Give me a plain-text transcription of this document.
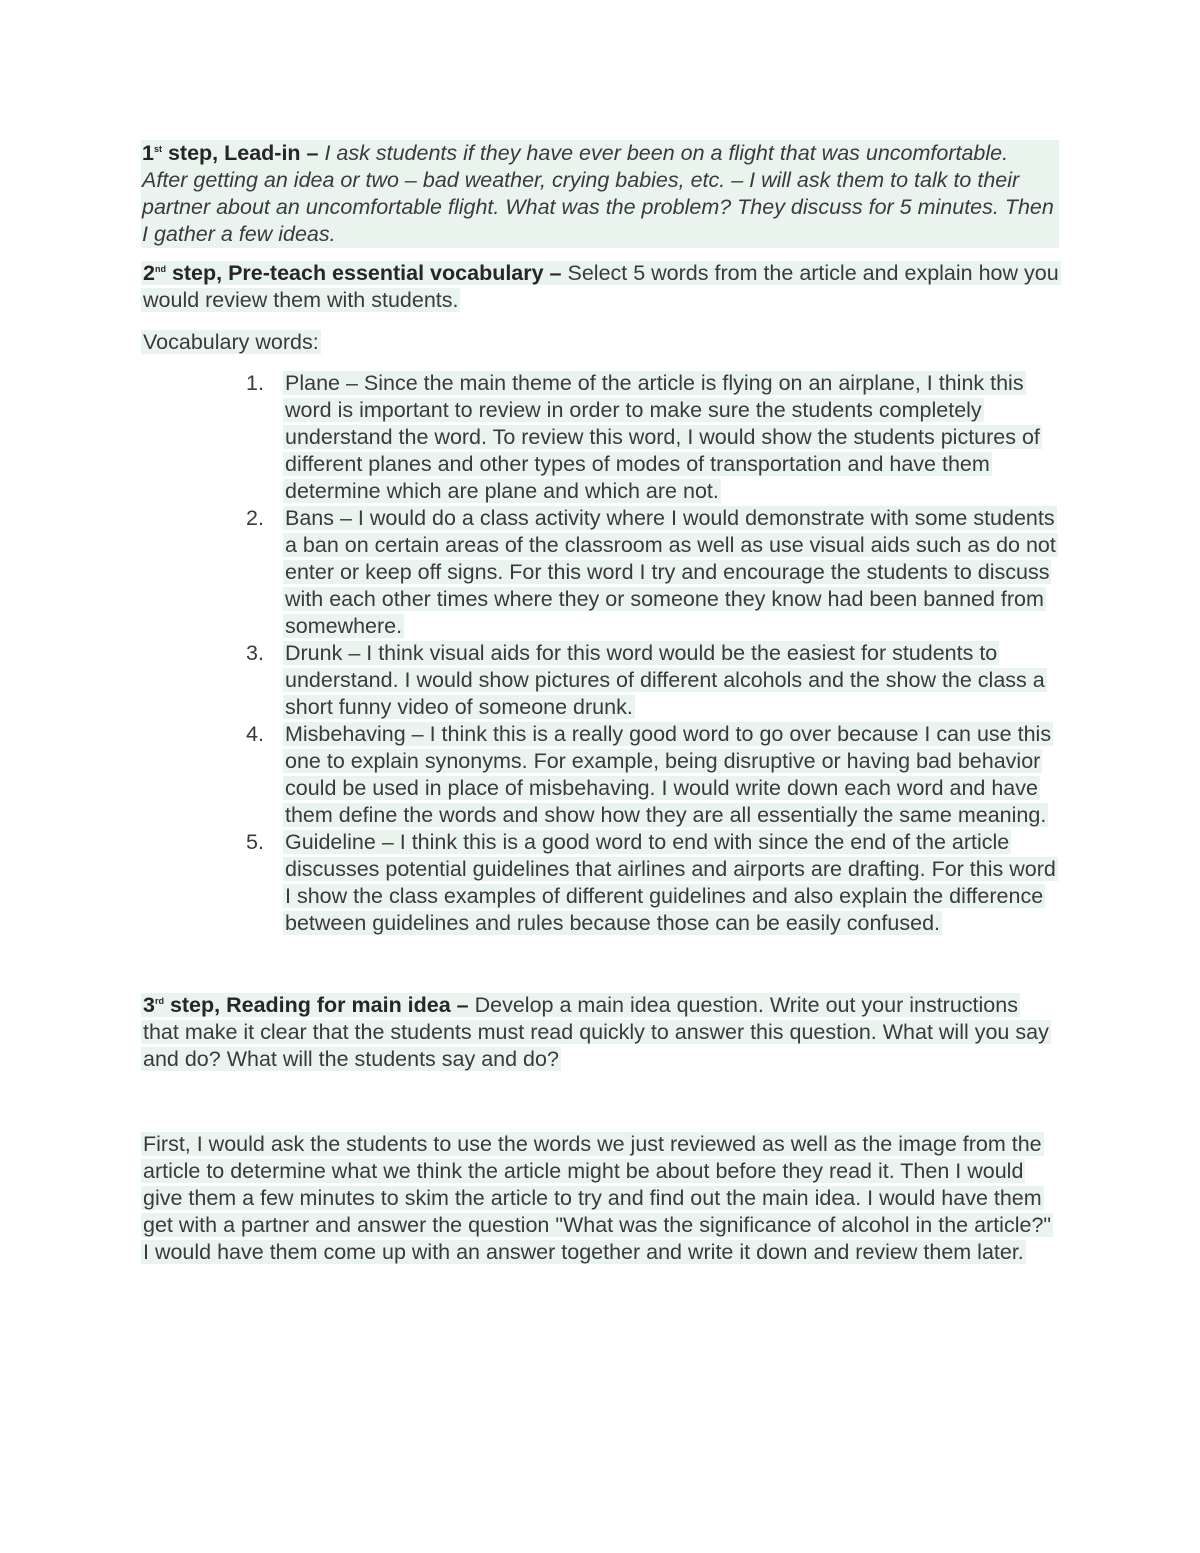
1st step, Lead-in – I ask students if they have ever been on a flight that was uncomfortable. After getting an idea or two – bad weather, crying babies, etc. – I will ask them to talk to their partner about an uncomfortable flight. What was the problem? They discuss for 5 minutes. Then I gather a few ideas.

2nd step, Pre-teach essential vocabulary – Select 5 words from the article and explain how you would review them with students.

Vocabulary words:

1. Plane – Since the main theme of the article is flying on an airplane, I think this word is important to review in order to make sure the students completely understand the word. To review this word, I would show the students pictures of different planes and other types of modes of transportation and have them determine which are plane and which are not.
2. Bans – I would do a class activity where I would demonstrate with some students a ban on certain areas of the classroom as well as use visual aids such as do not enter or keep off signs. For this word I try and encourage the students to discuss with each other times where they or someone they know had been banned from somewhere.
3. Drunk – I think visual aids for this word would be the easiest for students to understand. I would show pictures of different alcohols and the show the class a short funny video of someone drunk.
4. Misbehaving – I think this is a really good word to go over because I can use this one to explain synonyms. For example, being disruptive or having bad behavior could be used in place of misbehaving. I would write down each word and have them define the words and show how they are all essentially the same meaning.
5. Guideline – I think this is a good word to end with since the end of the article discusses potential guidelines that airlines and airports are drafting. For this word I show the class examples of different guidelines and also explain the difference between guidelines and rules because those can be easily confused.

3rd step, Reading for main idea – Develop a main idea question. Write out your instructions that make it clear that the students must read quickly to answer this question. What will you say and do? What will the students say and do?

First, I would ask the students to use the words we just reviewed as well as the image from the article to determine what we think the article might be about before they read it. Then I would give them a few minutes to skim the article to try and find out the main idea. I would have them get with a partner and answer the question "What was the significance of alcohol in the article?" I would have them come up with an answer together and write it down and review them later.
